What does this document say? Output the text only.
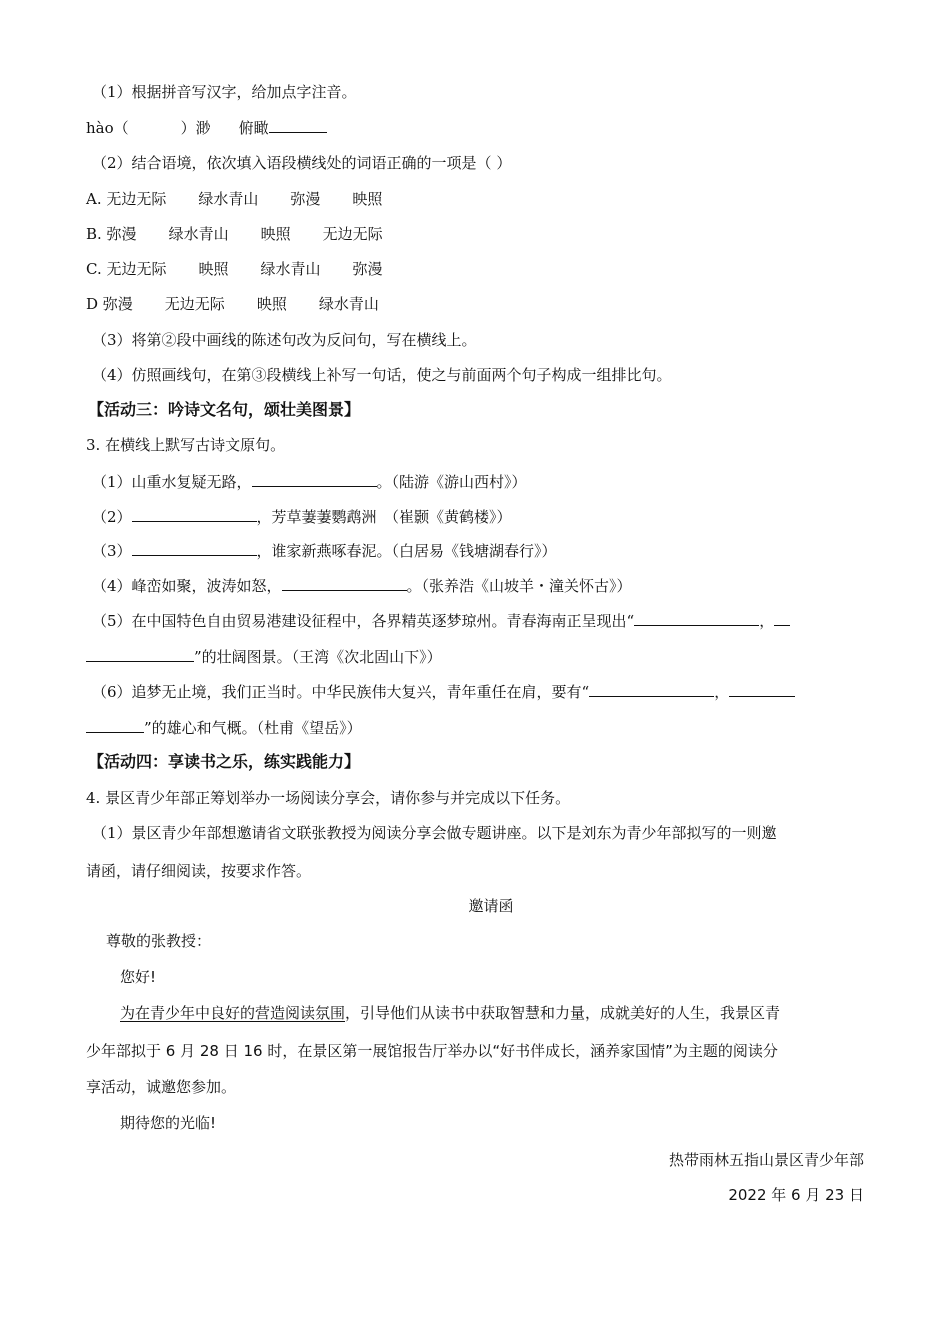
（1）根据拼音写汉字，给加点字注音。
hào（	）渺 俯瞰
（2）结合语境，依次填入语段横线处的词语正确的一项是（ ）
A. 无边无际 绿水青山 弥漫 映照
B. 弥漫 绿水青山 映照 无边无际
C. 无边无际 映照 绿水青山 弥漫
D 弥漫 无边无际 映照 绿水青山
（3）将第②段中画线的陈述句改为反问句，写在横线上。
（4）仿照画线句，在第③段横线上补写一句话，使之与前面两个句子构成一组排比句。
【活动三：吟诗文名句，颂壮美图景】
3. 在横线上默写古诗文原句。
（1）山重水复疑无路，	。（陆游《游山西村》）
（2）	，芳草萋萋鹦鹉洲　（崔颢《黄鹤楼》）
（3）	，谁家新燕啄春泥。（白居易《钱塘湖春行》）
（4）峰峦如聚，波涛如怒，	。（张养浩《山坡羊・潼关怀古》）
（5）在中国特色自由贸易港建设征程中，各界精英逐梦琼州。青春海南正呈现出“	，
”的壮阔图景。（王湾《次北固山下》）
（6）追梦无止境，我们正当时。中华民族伟大复兴，青年重任在肩，要有“	，
”的雄心和气概。（杜甫《望岳》）
【活动四：享读书之乐，练实践能力】
4. 景区青少年部正筹划举办一场阅读分享会，请你参与并完成以下任务。
（1）景区青少年部想邀请省文联张教授为阅读分享会做专题讲座。以下是刘东为青少年部拟写的一则邀
请函，请仔细阅读，按要求作答。
邀请函
尊敬的张教授：
您好!
为在青少年中良好的营造阅读氛围，引导他们从读书中获取智慧和力量，成就美好的人生，我景区青
少年部拟于 6 月 28 日 16 时，在景区第一展馆报告厅举办以“好书伴成长，涵养家国情”为主题的阅读分
享活动，诚邀您参加。
期待您的光临!
热带雨林五指山景区青少年部
2022 年 6 月 23 日
